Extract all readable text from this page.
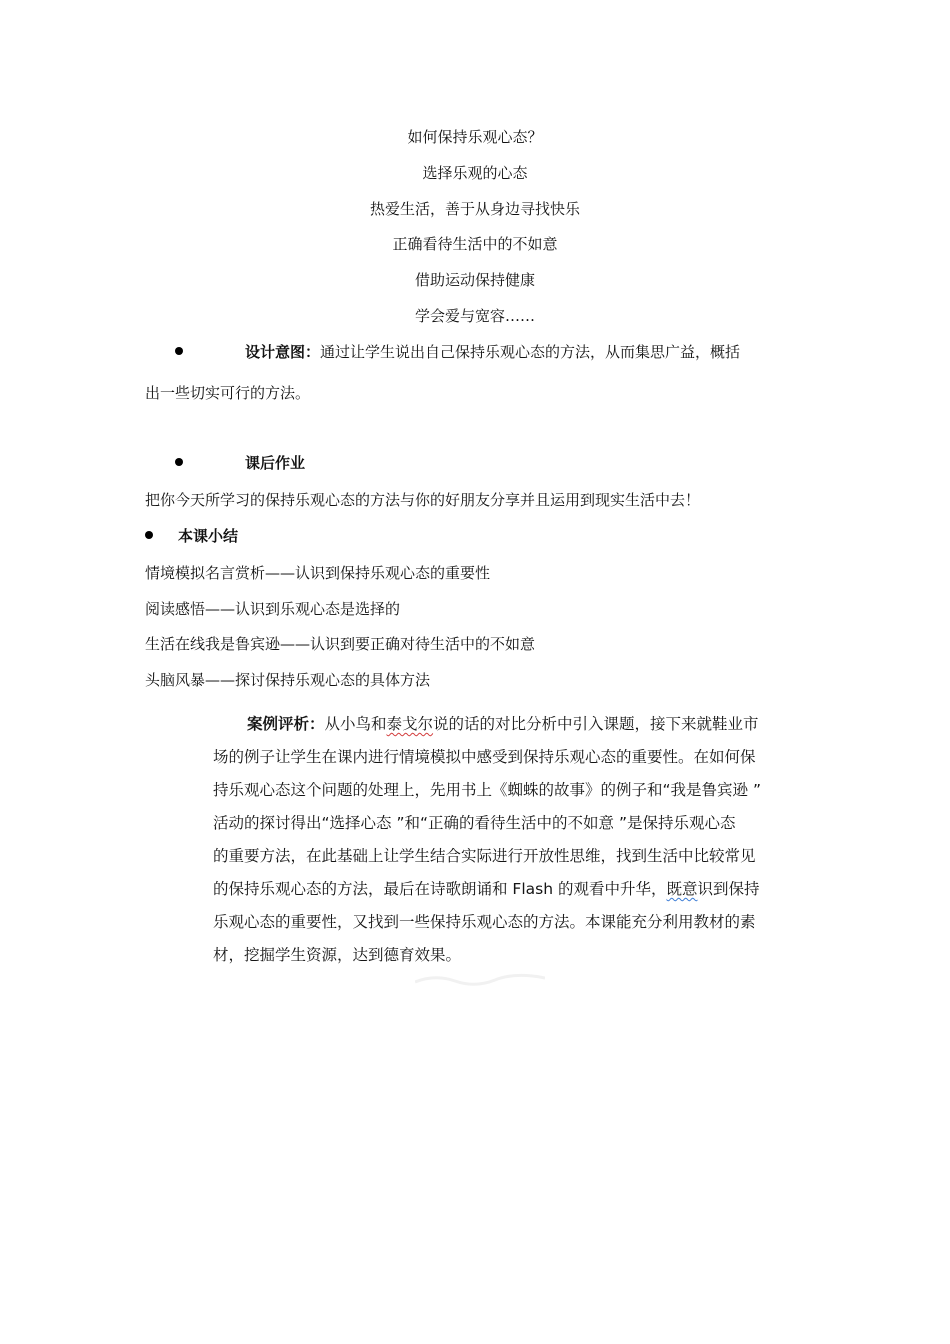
如何保持乐观心态？
选择乐观的心态
热爱生活，善于从身边寻找快乐
正确看待生活中的不如意
借助运动保持健康
学会爱与宽容……
设计意图：通过让学生说出自己保持乐观心态的方法，从而集思广益，概括
出一些切实可行的方法。
课后作业
把你今天所学习的保持乐观心态的方法与你的好朋友分享并且运用到现实生活中去！
本课小结
情境模拟名言赏析——认识到保持乐观心态的重要性
阅读感悟——认识到乐观心态是选择的
生活在线我是鲁宾逊——认识到要正确对待生活中的不如意
头脑风暴——探讨保持乐观心态的具体方法
案例评析：从小鸟和泰戈尔说的话的对比分析中引入课题，接下来就鞋业市
场的例子让学生在课内进行情境模拟中感受到保持乐观心态的重要性。在如何保
持乐观心态这个问题的处理上，先用书上《蜘蛛的故事》的例子和“我是鲁宾逊 ”
活动的探讨得出“选择心态 ”和“正确的看待生活中的不如意 ”是保持乐观心态
的重要方法，在此基础上让学生结合实际进行开放性思维，找到生活中比较常见
的保持乐观心态的方法，最后在诗歌朗诵和 Flash 的观看中升华，既意识到保持
乐观心态的重要性，又找到一些保持乐观心态的方法。本课能充分利用教材的素
材，挖掘学生资源，达到德育效果。
